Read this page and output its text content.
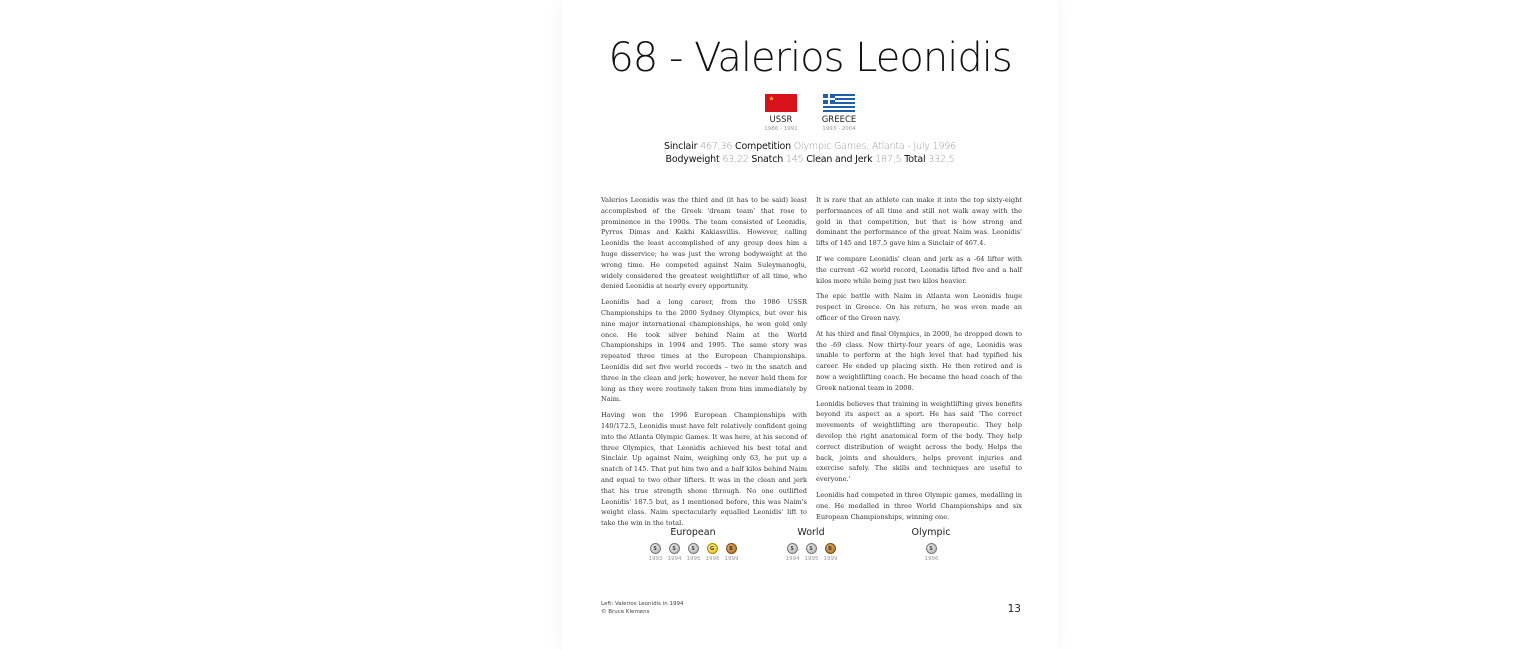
68 - Valerios Leonidis
USSR
1986 - 1991
GREECE
1993 - 2004
Sinclair 467,36 Competition Olympic Games, Atlanta - July 1996
Bodyweight 63,22 Snatch 145 Clean and Jerk 187,5 Total 332,5

Valerios Leonidis was the third and (it has to be said) least accomplished of the Greek 'dream team' that rose to prominence in the 1990s. The team consisted of Leonidis, Pyrros Dimas and Kakhi Kakiasvillis. However, calling Leonidis the least accomplished of any group does him a huge disservice; he was just the wrong bodyweight at the wrong time. He competed against Naim Suleymanoglu, widely considered the greatest weightlifter of all time, who denied Leonidis at nearly every opportunity.

Leonidis had a long career, from the 1986 USSR Championships to the 2000 Sydney Olympics, but over his nine major international championships, he won gold only once. He took silver behind Naim at the World Championships in 1994 and 1995. The same story was repeated three times at the European Championships. Leonidis did set five world records – two in the snatch and three in the clean and jerk; however, he never held them for long as they were routinely taken from him immediately by Naim.

Having won the 1996 European Championships with 140/172.5, Leonidis must have felt relatively confident going into the Atlanta Olympic Games. It was here, at his second of three Olympics, that Leonidis achieved his best total and Sinclair. Up against Naim, weighing only 63, he put up a snatch of 145. That put him two and a half kilos behind Naim and equal to two other lifters. It was in the clean and jerk that his true strength shone through. No one outlifted Leonidis' 187.5 but, as I mentioned before, this was Naim's weight class. Naim spectacularly equalled Leonidis' lift to take the win in the total.

It is rare that an athlete can make it into the top sixty-eight performances of all time and still not walk away with the gold in that competition, but that is how strong and dominant the performance of the great Naim was. Leonidis' lifts of 145 and 187.5 gave him a Sinclair of 467.4.

If we compare Leonidis' clean and jerk as a -64 lifter with the current -62 world record, Leonidis lifted five and a half kilos more while being just two kilos heavier.

The epic battle with Naim in Atlanta won Leonidis huge respect in Greece. On his return, he was even made an officer of the Green navy.

At his third and final Olympics, in 2000, he dropped down to the -69 class. Now thirty-four years of age, Leonidis was unable to perform at the high level that had typified his career. He ended up placing sixth. He then retired and is now a weightlifting coach. He became the head coach of the Greek national team in 2008.

Leonidis believes that training in weightlifting gives benefits beyond its aspect as a sport. He has said 'The correct movements of weightlifting are therapeutic. They help develop the right anatomical form of the body. They help correct distribution of weight across the body. Helps the back, joints and shoulders, helps prevent injuries and exercise safely. The skills and techniques are useful to everyone.'

Leonidis had competed in three Olympic games, medalling in one. He medalled in three World Championships and six European Championships, winning one.

European
S
1993
S
1994
S
1995
G
1996
B
1999
World
S
1994
S
1995
B
1999
Olympic
S
1996
Left: Valerios Leonidis in 1994
© Bruce Klemens	13
